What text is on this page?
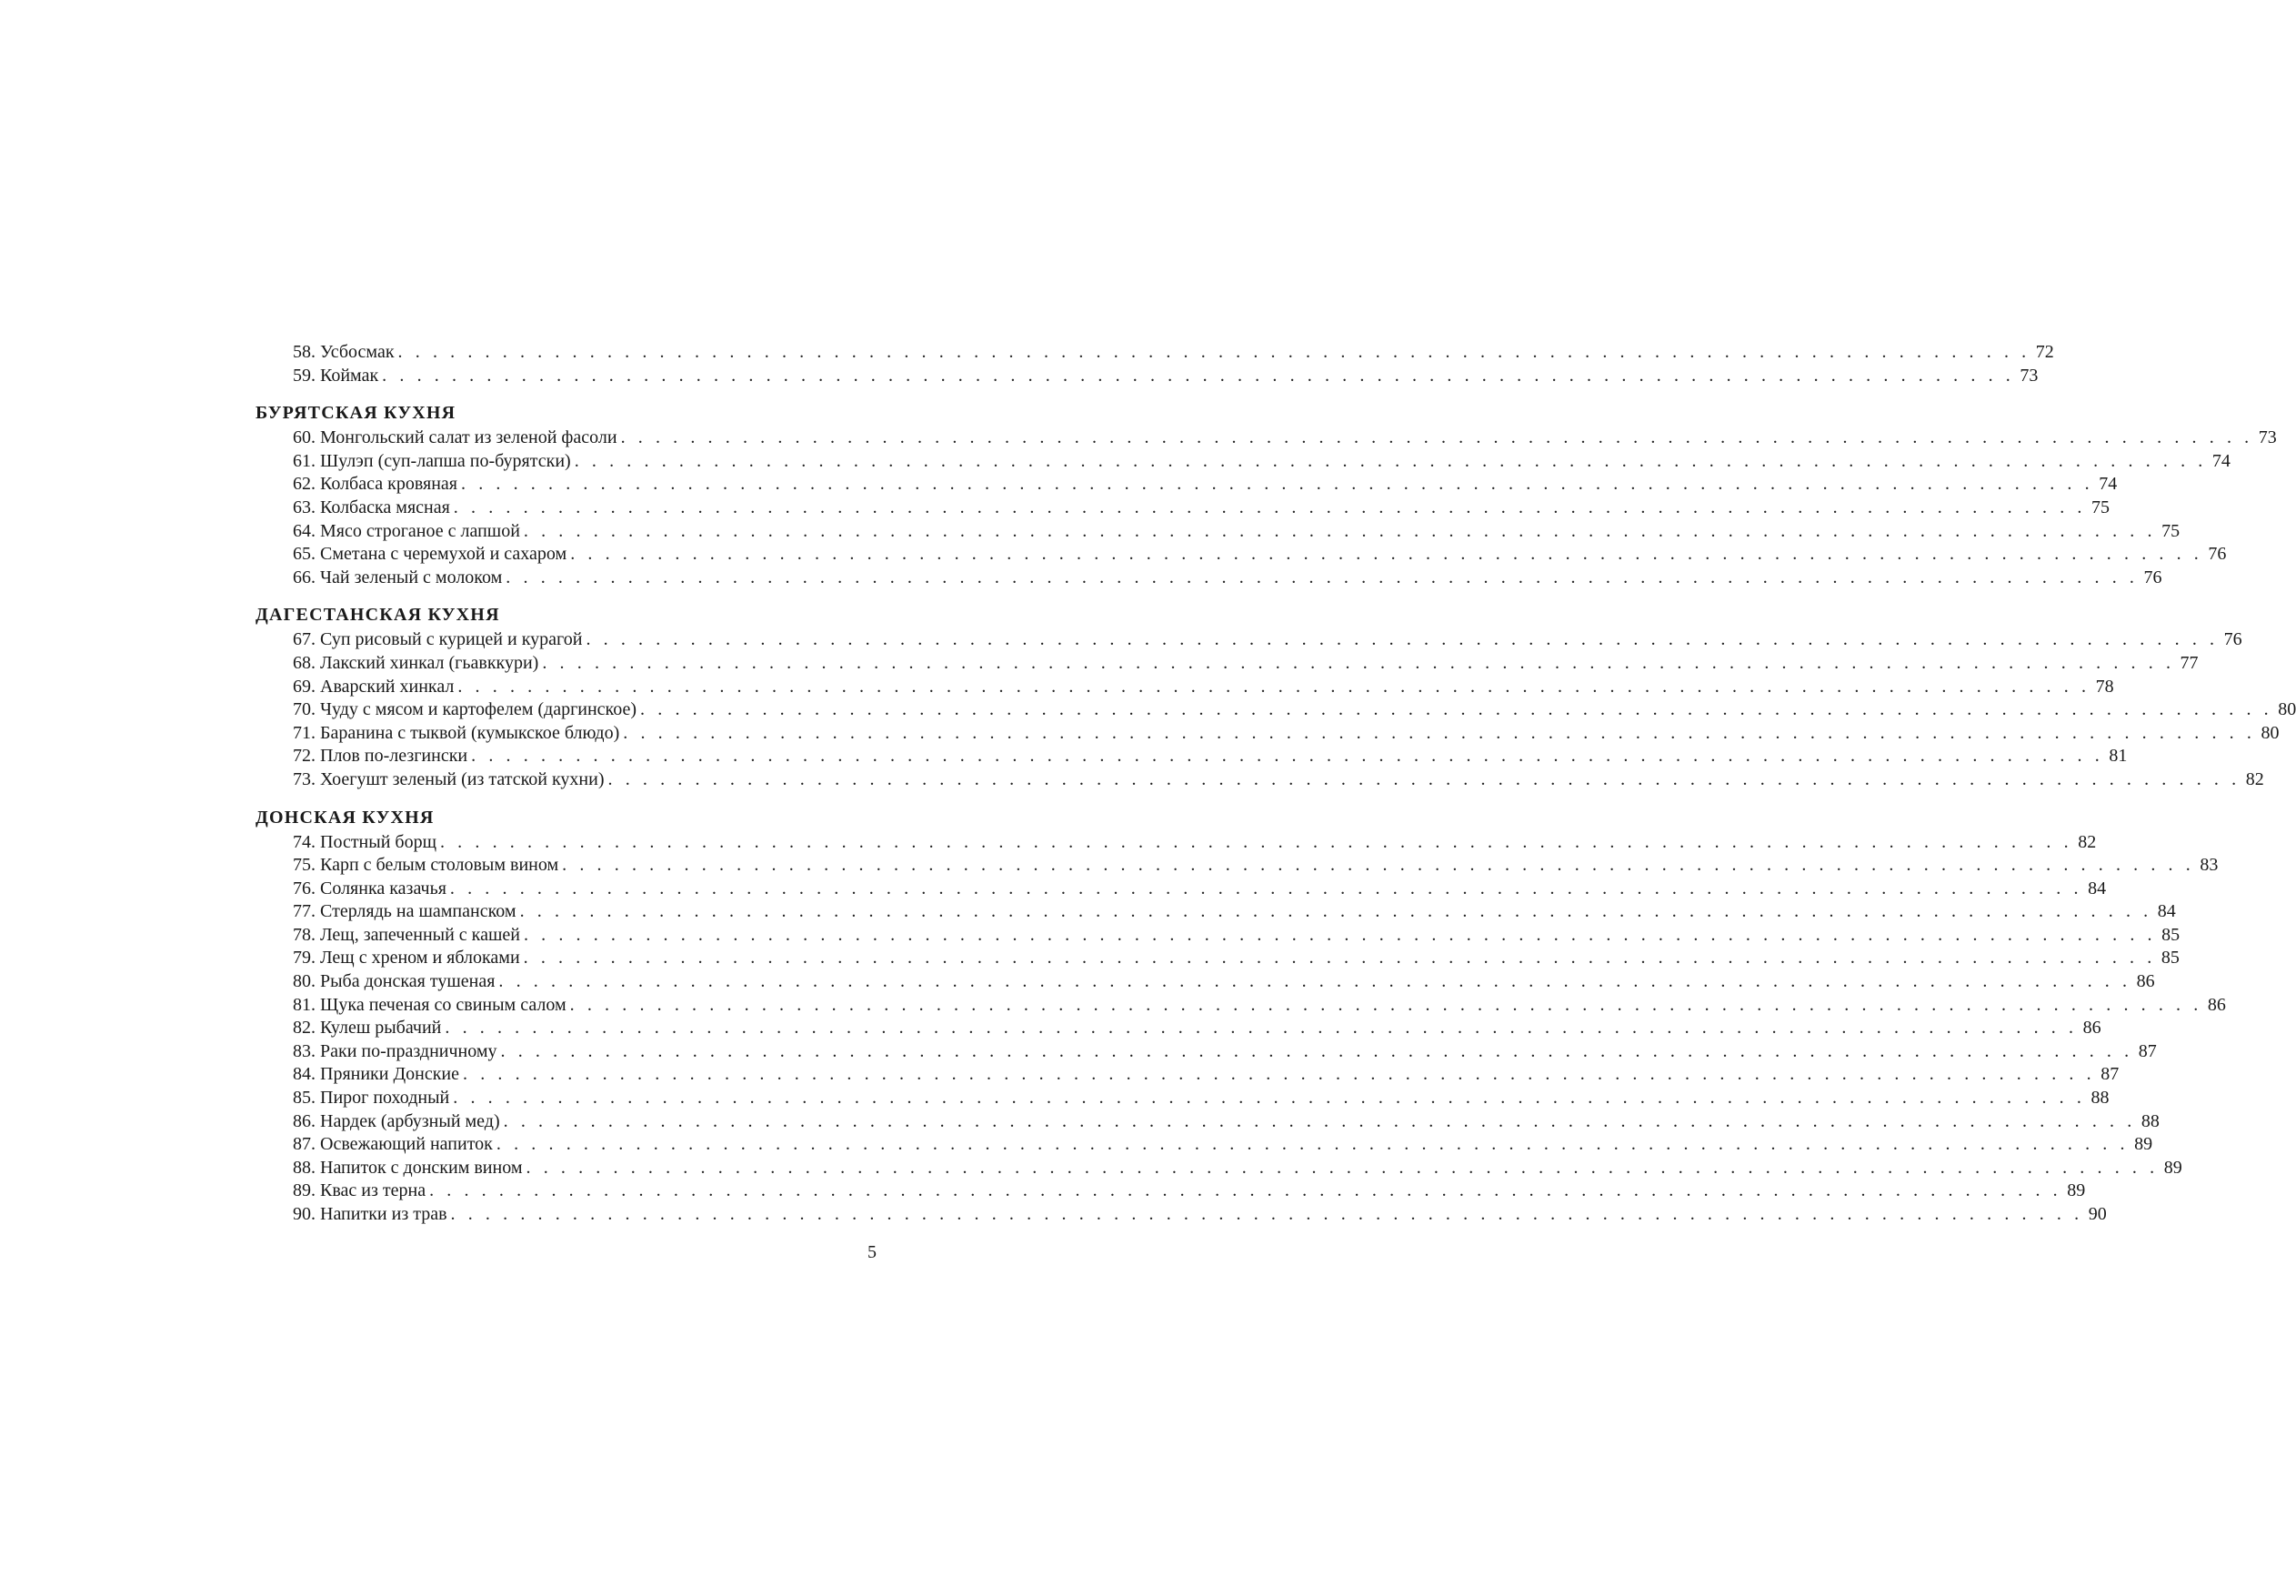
58.
Усбосмак . . . . . . . . . . . . . . . . . . . . . . . . . . . . . . . . . . . . . . . . . . . . . . . . . . . . . . . . . . . . . . . . . . . . . . . . . . . . . . . . . . . . . . . . . . . . . . 72
59.
Коймак . . . . . . . . . . . . . . . . . . . . . . . . . . . . . . . . . . . . . . . . . . . . . . . . . . . . . . . . . . . . . . . . . . . . . . . . . . . . . . . . . . . . . . . . . . . . . . 73
БУРЯТСКАЯ КУХНЯ
60.
Монгольский салат из зеленой фасоли . . . . . . . . . . . . . . . . . . . . . . . . . . . . . . . . . . . . . . . . . . . . . . . . . . . . . . . . . . . . . . . . . . . . . . . . . . . . . . . . . . . . . . . . . . . . . . 73
61.
Шулэп (суп-лапша по-бурятски) . . . . . . . . . . . . . . . . . . . . . . . . . . . . . . . . . . . . . . . . . . . . . . . . . . . . . . . . . . . . . . . . . . . . . . . . . . . . . . . . . . . . . . . . . . . . . . 74
62.
Колбаса кровяная . . . . . . . . . . . . . . . . . . . . . . . . . . . . . . . . . . . . . . . . . . . . . . . . . . . . . . . . . . . . . . . . . . . . . . . . . . . . . . . . . . . . . . . . . . . . . . 74
63.
Колбаска мясная . . . . . . . . . . . . . . . . . . . . . . . . . . . . . . . . . . . . . . . . . . . . . . . . . . . . . . . . . . . . . . . . . . . . . . . . . . . . . . . . . . . . . . . . . . . . . . 75
64.
Мясо строганое с лапшой . . . . . . . . . . . . . . . . . . . . . . . . . . . . . . . . . . . . . . . . . . . . . . . . . . . . . . . . . . . . . . . . . . . . . . . . . . . . . . . . . . . . . . . . . . . . . . 75
65.
Сметана с черемухой и сахаром . . . . . . . . . . . . . . . . . . . . . . . . . . . . . . . . . . . . . . . . . . . . . . . . . . . . . . . . . . . . . . . . . . . . . . . . . . . . . . . . . . . . . . . . . . . . . . 76
66.
Чай зеленый с молоком . . . . . . . . . . . . . . . . . . . . . . . . . . . . . . . . . . . . . . . . . . . . . . . . . . . . . . . . . . . . . . . . . . . . . . . . . . . . . . . . . . . . . . . . . . . . . . 76
ДАГЕСТАНСКАЯ КУХНЯ
67.
Суп рисовый с курицей и курагой . . . . . . . . . . . . . . . . . . . . . . . . . . . . . . . . . . . . . . . . . . . . . . . . . . . . . . . . . . . . . . . . . . . . . . . . . . . . . . . . . . . . . . . . . . . . . . 76
68.
Лакский хинкал (гьавккури) . . . . . . . . . . . . . . . . . . . . . . . . . . . . . . . . . . . . . . . . . . . . . . . . . . . . . . . . . . . . . . . . . . . . . . . . . . . . . . . . . . . . . . . . . . . . . . 77
69.
Аварский хинкал . . . . . . . . . . . . . . . . . . . . . . . . . . . . . . . . . . . . . . . . . . . . . . . . . . . . . . . . . . . . . . . . . . . . . . . . . . . . . . . . . . . . . . . . . . . . . . 78
70.
Чуду с мясом и картофелем (даргинское) . . . . . . . . . . . . . . . . . . . . . . . . . . . . . . . . . . . . . . . . . . . . . . . . . . . . . . . . . . . . . . . . . . . . . . . . . . . . . . . . . . . . . . . . . . . . . . 80
71.
Баранина с тыквой (кумыкское блюдо) . . . . . . . . . . . . . . . . . . . . . . . . . . . . . . . . . . . . . . . . . . . . . . . . . . . . . . . . . . . . . . . . . . . . . . . . . . . . . . . . . . . . . . . . . . . . . . 80
72.
Плов по-лезгински . . . . . . . . . . . . . . . . . . . . . . . . . . . . . . . . . . . . . . . . . . . . . . . . . . . . . . . . . . . . . . . . . . . . . . . . . . . . . . . . . . . . . . . . . . . . . . 81
73.
Хоегушт зеленый (из татской кухни) . . . . . . . . . . . . . . . . . . . . . . . . . . . . . . . . . . . . . . . . . . . . . . . . . . . . . . . . . . . . . . . . . . . . . . . . . . . . . . . . . . . . . . . . . . . . . . 82
ДОНСКАЯ КУХНЯ
74.
Постный борщ . . . . . . . . . . . . . . . . . . . . . . . . . . . . . . . . . . . . . . . . . . . . . . . . . . . . . . . . . . . . . . . . . . . . . . . . . . . . . . . . . . . . . . . . . . . . . . 82
75.
Карп с белым столовым вином . . . . . . . . . . . . . . . . . . . . . . . . . . . . . . . . . . . . . . . . . . . . . . . . . . . . . . . . . . . . . . . . . . . . . . . . . . . . . . . . . . . . . . . . . . . . . . 83
76.
Солянка казачья . . . . . . . . . . . . . . . . . . . . . . . . . . . . . . . . . . . . . . . . . . . . . . . . . . . . . . . . . . . . . . . . . . . . . . . . . . . . . . . . . . . . . . . . . . . . . . 84
77.
Стерлядь на шампанском . . . . . . . . . . . . . . . . . . . . . . . . . . . . . . . . . . . . . . . . . . . . . . . . . . . . . . . . . . . . . . . . . . . . . . . . . . . . . . . . . . . . . . . . . . . . . . 84
78.
Лещ, запеченный с кашей . . . . . . . . . . . . . . . . . . . . . . . . . . . . . . . . . . . . . . . . . . . . . . . . . . . . . . . . . . . . . . . . . . . . . . . . . . . . . . . . . . . . . . . . . . . . . . 85
79.
Лещ с хреном и яблоками . . . . . . . . . . . . . . . . . . . . . . . . . . . . . . . . . . . . . . . . . . . . . . . . . . . . . . . . . . . . . . . . . . . . . . . . . . . . . . . . . . . . . . . . . . . . . . 85
80.
Рыба донская тушеная . . . . . . . . . . . . . . . . . . . . . . . . . . . . . . . . . . . . . . . . . . . . . . . . . . . . . . . . . . . . . . . . . . . . . . . . . . . . . . . . . . . . . . . . . . . . . . 86
81.
Щука печеная со свиным салом . . . . . . . . . . . . . . . . . . . . . . . . . . . . . . . . . . . . . . . . . . . . . . . . . . . . . . . . . . . . . . . . . . . . . . . . . . . . . . . . . . . . . . . . . . . . . . 86
82.
Кулеш рыбачий . . . . . . . . . . . . . . . . . . . . . . . . . . . . . . . . . . . . . . . . . . . . . . . . . . . . . . . . . . . . . . . . . . . . . . . . . . . . . . . . . . . . . . . . . . . . . . 86
83.
Раки по-праздничному . . . . . . . . . . . . . . . . . . . . . . . . . . . . . . . . . . . . . . . . . . . . . . . . . . . . . . . . . . . . . . . . . . . . . . . . . . . . . . . . . . . . . . . . . . . . . . 87
84.
Пряники Донские . . . . . . . . . . . . . . . . . . . . . . . . . . . . . . . . . . . . . . . . . . . . . . . . . . . . . . . . . . . . . . . . . . . . . . . . . . . . . . . . . . . . . . . . . . . . . . 87
85.
Пирог походный . . . . . . . . . . . . . . . . . . . . . . . . . . . . . . . . . . . . . . . . . . . . . . . . . . . . . . . . . . . . . . . . . . . . . . . . . . . . . . . . . . . . . . . . . . . . . . 88
86.
Нардек (арбузный мед) . . . . . . . . . . . . . . . . . . . . . . . . . . . . . . . . . . . . . . . . . . . . . . . . . . . . . . . . . . . . . . . . . . . . . . . . . . . . . . . . . . . . . . . . . . . . . . 88
87.
Освежающий напиток . . . . . . . . . . . . . . . . . . . . . . . . . . . . . . . . . . . . . . . . . . . . . . . . . . . . . . . . . . . . . . . . . . . . . . . . . . . . . . . . . . . . . . . . . . . . . . 89
88.
Напиток с донским вином . . . . . . . . . . . . . . . . . . . . . . . . . . . . . . . . . . . . . . . . . . . . . . . . . . . . . . . . . . . . . . . . . . . . . . . . . . . . . . . . . . . . . . . . . . . . . . 89
89.
Квас из терна . . . . . . . . . . . . . . . . . . . . . . . . . . . . . . . . . . . . . . . . . . . . . . . . . . . . . . . . . . . . . . . . . . . . . . . . . . . . . . . . . . . . . . . . . . . . . . 89
90.
Напитки из трав . . . . . . . . . . . . . . . . . . . . . . . . . . . . . . . . . . . . . . . . . . . . . . . . . . . . . . . . . . . . . . . . . . . . . . . . . . . . . . . . . . . . . . . . . . . . . . 90
5
